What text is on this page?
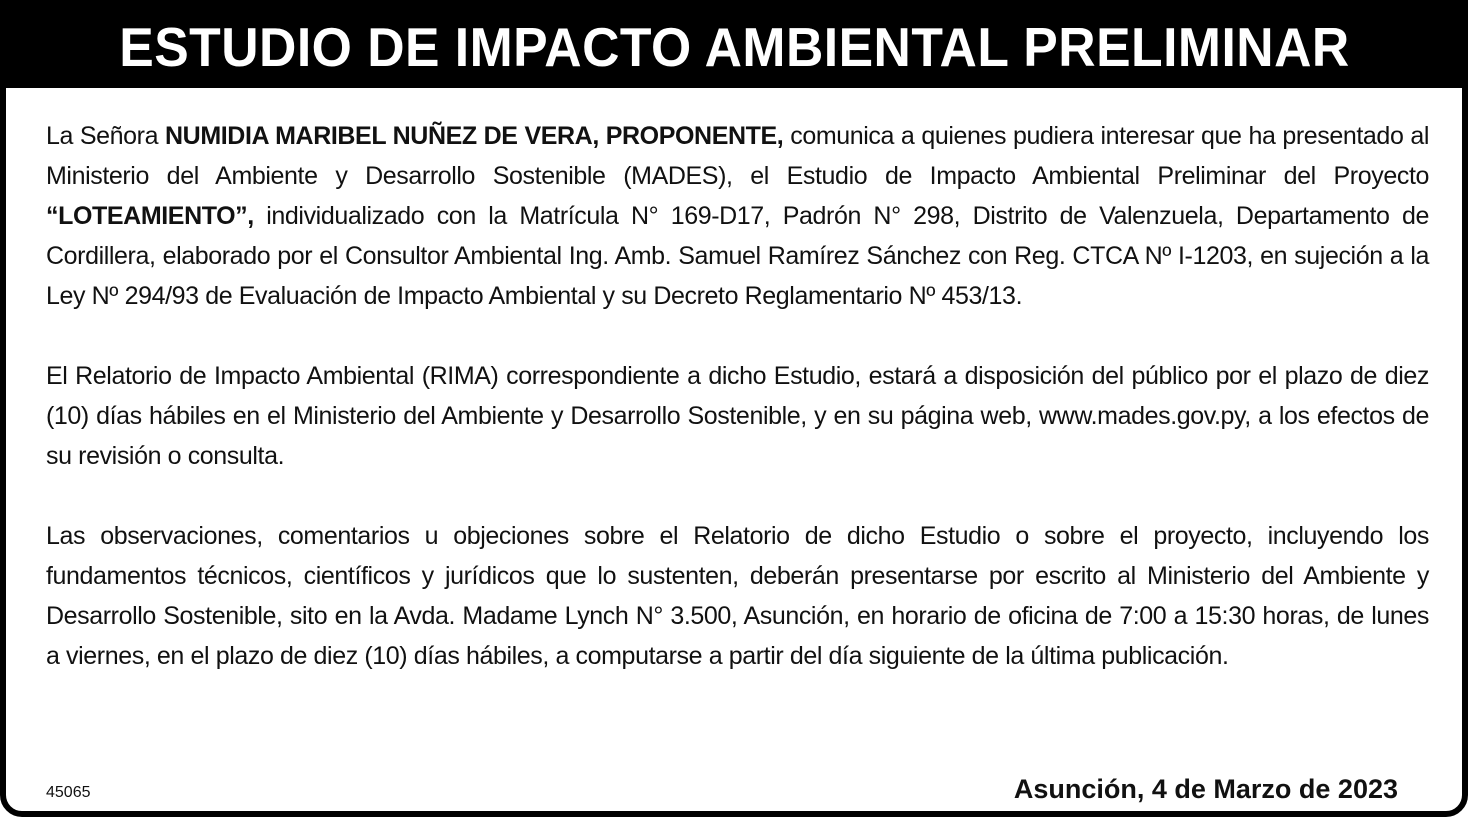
ESTUDIO DE IMPACTO AMBIENTAL PRELIMINAR

La Señora NUMIDIA MARIBEL NUÑEZ DE VERA, PROPONENTE, comunica a quienes pudiera interesar que ha presentado al Ministerio del Ambiente y Desarrollo Sostenible (MADES), el Estudio de Impacto Ambiental Preliminar del Proyecto “LOTEAMIENTO”, individualizado con la Matrícula N° 169-D17, Padrón N° 298, Distrito de Valenzuela, Departamento de Cordillera, elaborado por el Consultor Ambiental Ing. Amb. Samuel Ramírez Sánchez con Reg. CTCA Nº I-1203, en sujeción a la Ley Nº 294/93 de Evaluación de Impacto Ambiental y su Decreto Reglamentario Nº 453/13.

El Relatorio de Impacto Ambiental (RIMA) correspondiente a dicho Estudio, estará a disposición del público por el plazo de diez (10) días hábiles en el Ministerio del Ambiente y Desarrollo Sostenible, y en su página web, www.mades.gov.py, a los efectos de su revisión o consulta.

Las observaciones, comentarios u objeciones sobre el Relatorio de dicho Estudio o sobre el proyecto, incluyendo los fundamentos técnicos, científicos y jurídicos que lo sustenten, deberán presentarse por escrito al Ministerio del Ambiente y Desarrollo Sostenible, sito en la Avda. Madame Lynch N° 3.500, Asunción, en horario de oficina de 7:00 a 15:30 horas, de lunes a viernes, en el plazo de diez (10) días hábiles, a computarse a partir del día siguiente de la última publicación.

45065	Asunción, 4 de Marzo de 2023
